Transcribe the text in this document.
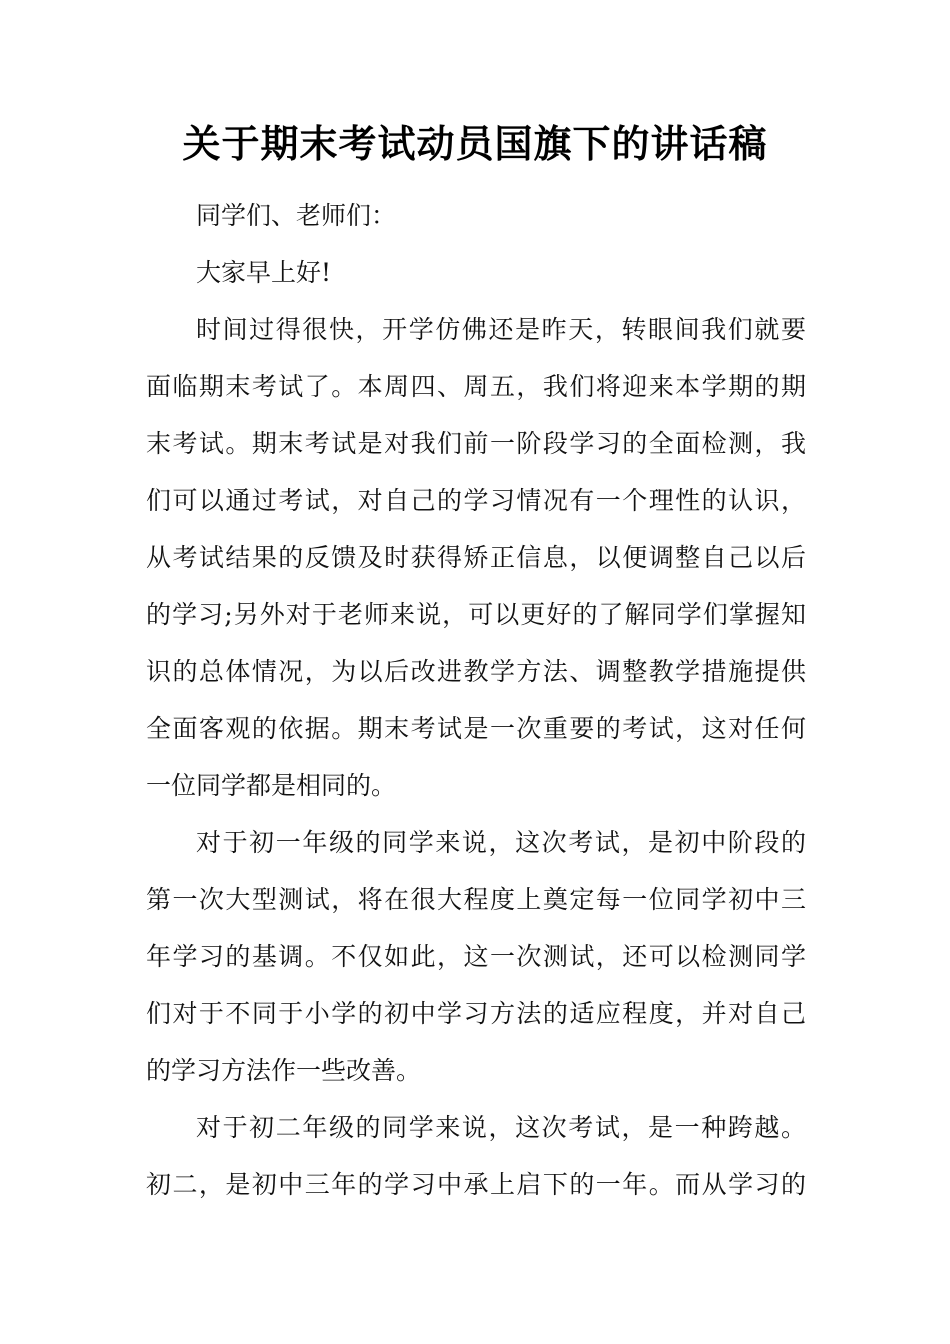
关于期末考试动员国旗下的讲话稿
同学们、老师们：
大家早上好!
时间过得很快，开学仿佛还是昨天，转眼间我们就要
面临期末考试了。本周四、周五，我们将迎来本学期的期
末考试。期末考试是对我们前一阶段学习的全面检测，我
们可以通过考试，对自己的学习情况有一个理性的认识，
从考试结果的反馈及时获得矫正信息，以便调整自己以后
的学习;另外对于老师来说，可以更好的了解同学们掌握知
识的总体情况，为以后改进教学方法、调整教学措施提供
全面客观的依据。期末考试是一次重要的考试，这对任何
一位同学都是相同的。
对于初一年级的同学来说，这次考试，是初中阶段的
第一次大型测试，将在很大程度上奠定每一位同学初中三
年学习的基调。不仅如此，这一次测试，还可以检测同学
们对于不同于小学的初中学习方法的适应程度，并对自己
的学习方法作一些改善。
对于初二年级的同学来说，这次考试，是一种跨越。
初二，是初中三年的学习中承上启下的一年。而从学习的
